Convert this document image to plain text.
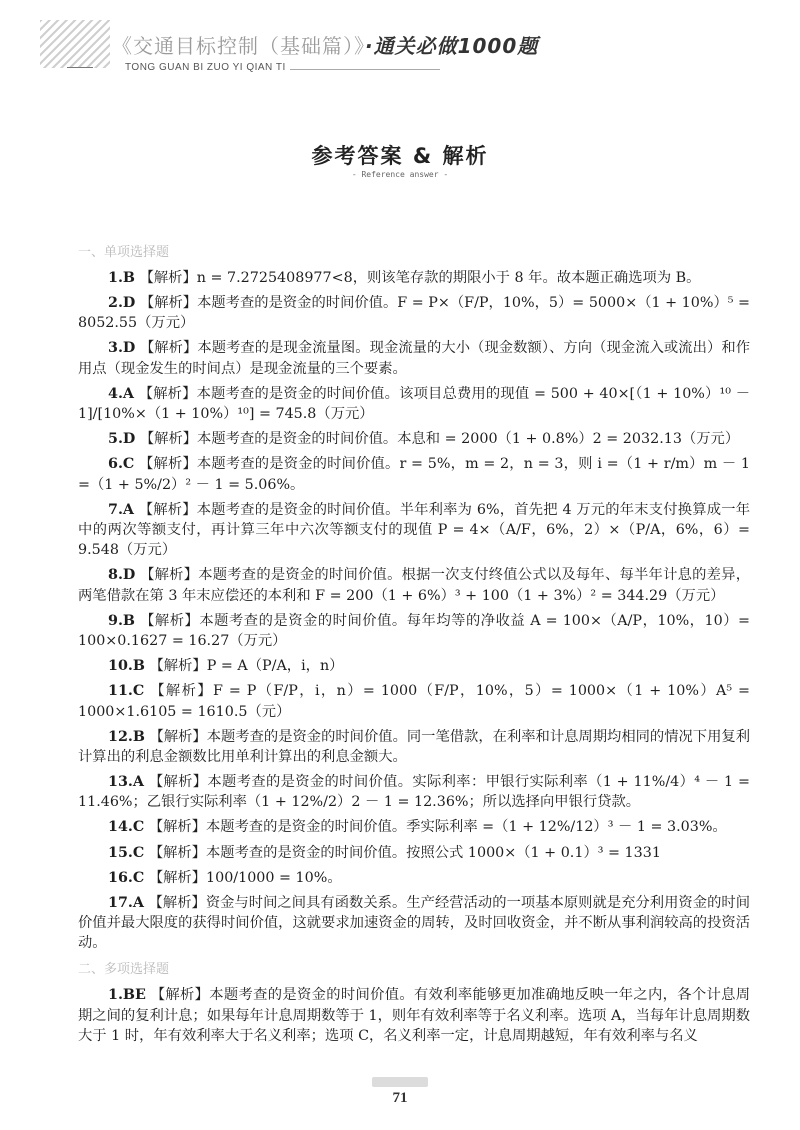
《交通目标控制（基础篇）》·通关必做1000题
TONG GUAN BI ZUO YI QIAN TI
参考答案 & 解析
- Reference answer -
一、单项选择题
1.B 【解析】n = 7.2725408977<8，则该笔存款的期限小于 8 年。故本题正确选项为 B。
2.D 【解析】本题考查的是资金的时间价值。F = P×（F/P，10%，5）= 5000×（1 + 10%）⁵ = 8052.55（万元）
3.D 【解析】本题考查的是现金流量图。现金流量的大小（现金数额）、方向（现金流入或流出）和作用点（现金发生的时间点）是现金流量的三个要素。
4.A 【解析】本题考查的是资金的时间价值。该项目总费用的现值 = 500 + 40×[（1 + 10%）¹⁰ － 1]/[10%×（1 + 10%）¹⁰] = 745.8（万元）
5.D 【解析】本题考查的是资金的时间价值。本息和 = 2000（1 + 0.8%）2 = 2032.13（万元）
6.C 【解析】本题考查的是资金的时间价值。r = 5%，m = 2，n = 3，则 i =（1 + r/m）m － 1 =（1 + 5%/2）² － 1 = 5.06%。
7.A 【解析】本题考查的是资金的时间价值。半年利率为 6%，首先把 4 万元的年末支付换算成一年中的两次等额支付，再计算三年中六次等额支付的现值 P = 4×（A/F，6%，2）×（P/A，6%，6）= 9.548（万元）
8.D 【解析】本题考查的是资金的时间价值。根据一次支付终值公式以及每年、每半年计息的差异，两笔借款在第 3 年末应偿还的本利和 F = 200（1 + 6%）³ + 100（1 + 3%）² = 344.29（万元）
9.B 【解析】本题考查的是资金的时间价值。每年均等的净收益 A = 100×（A/P，10%，10）= 100×0.1627 = 16.27（万元）
10.B 【解析】P = A（P/A，i，n）
11.C 【解析】F = P（F/P，i，n）= 1000（F/P，10%，5）= 1000×（1 + 10%）A⁵ = 1000×1.6105 = 1610.5（元）
12.B 【解析】本题考查的是资金的时间价值。同一笔借款，在利率和计息周期均相同的情况下用复利计算出的利息金额数比用单利计算出的利息金额大。
13.A 【解析】本题考查的是资金的时间价值。实际利率：甲银行实际利率（1 + 11%/4）⁴ － 1 = 11.46%；乙银行实际利率（1 + 12%/2）2 － 1 = 12.36%；所以选择向甲银行贷款。
14.C 【解析】本题考查的是资金的时间价值。季实际利率 =（1 + 12%/12）³ － 1 = 3.03%。
15.C 【解析】本题考查的是资金的时间价值。按照公式 1000×（1 + 0.1）³ = 1331
16.C 【解析】100/1000 = 10%。
17.A 【解析】资金与时间之间具有函数关系。生产经营活动的一项基本原则就是充分利用资金的时间价值并最大限度的获得时间价值，这就要求加速资金的周转，及时回收资金，并不断从事利润较高的投资活动。
二、多项选择题
1.BE 【解析】本题考查的是资金的时间价值。有效利率能够更加准确地反映一年之内，各个计息周期之间的复利计息；如果每年计息周期数等于 1，则年有效利率等于名义利率。选项 A，当每年计息周期数大于 1 时，年有效利率大于名义利率；选项 C，名义利率一定，计息周期越短，年有效利率与名义
71
